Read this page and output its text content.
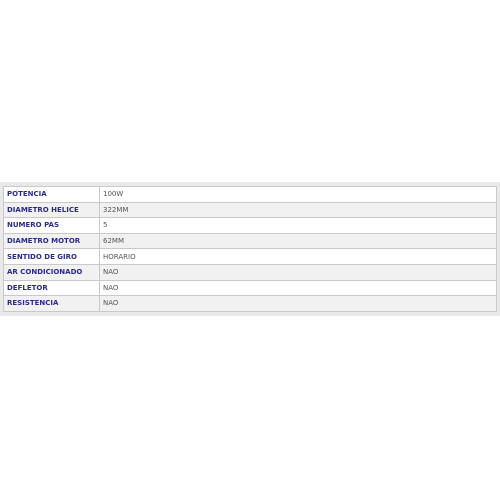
POTENCIA	100W
DIAMETRO HELICE	322MM
NUMERO PAS	5
DIAMETRO MOTOR	62MM
SENTIDO DE GIRO	HORARIO
AR CONDICIONADO	NAO
DEFLETOR	NAO
RESISTENCIA	NAO
